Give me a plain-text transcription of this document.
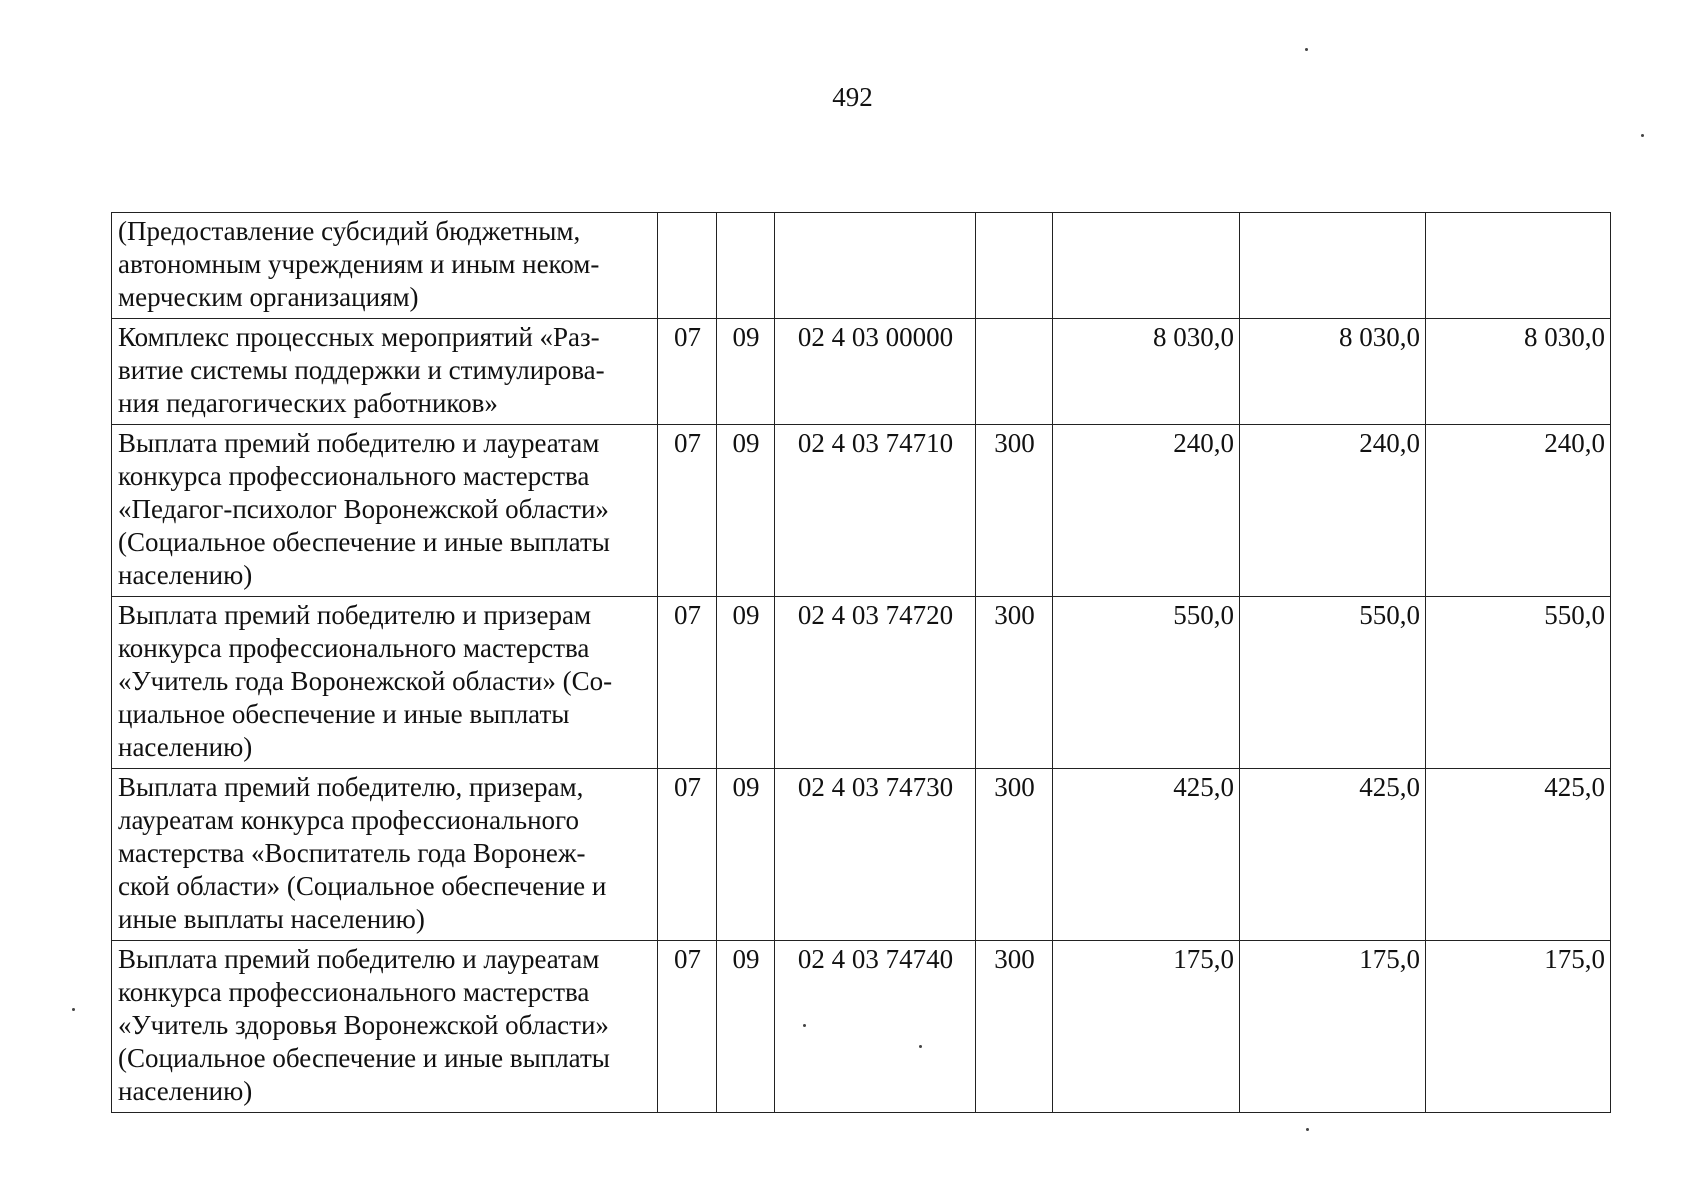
492
(Предоставление субсидий бюджетным,
автономным учреждениям и иным неком-
мерческим организациям)							

Комплекс процессных мероприятий «Раз-
витие системы поддержки и стимулирова-
ния педагогических работников»	07	09	02 4 03 00000		8 030,0	8 030,0	8 030,0

Выплата премий победителю и лауреатам
конкурса профессионального мастерства
«Педагог-психолог Воронежской области»
(Социальное обеспечение и иные выплаты
населению)	07	09	02 4 03 74710	300	240,0	240,0	240,0

Выплата премий победителю и призерам
конкурса профессионального мастерства
«Учитель года Воронежской области» (Со-
циальное обеспечение и иные выплаты
населению)	07	09	02 4 03 74720	300	550,0	550,0	550,0

Выплата премий победителю, призерам,
лауреатам конкурса профессионального
мастерства «Воспитатель года Воронеж-
ской области» (Социальное обеспечение и
иные выплаты населению)	07	09	02 4 03 74730	300	425,0	425,0	425,0

Выплата премий победителю и лауреатам
конкурса профессионального мастерства
«Учитель здоровья Воронежской области»
(Социальное обеспечение и иные выплаты
населению)	07	09	02 4 03 74740	300	175,0	175,0	175,0
